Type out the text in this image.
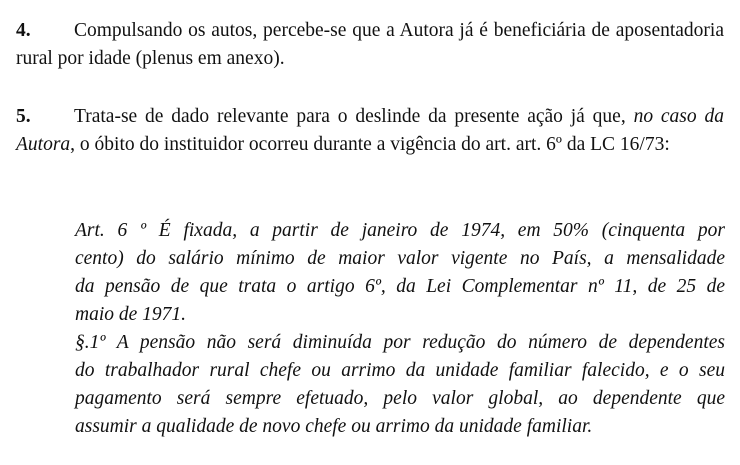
4. Compulsando os autos, percebe-se que a Autora já é beneficiária de aposentadoria rural por idade (plenus em anexo).
5. Trata-se de dado relevante para o deslinde da presente ação já que, no caso da Autora, o óbito do instituidor ocorreu durante a vigência do art. art. 6º da LC 16/73:
Art. 6 º É fixada, a partir de janeiro de 1974, em 50% (cinquenta por
cento) do salário mínimo de maior valor vigente no País, a mensalidade
da pensão de que trata o artigo 6º, da Lei Complementar nº 11, de 25 de
maio de 1971.
§.1º A pensão não será diminuída por redução do número de dependentes
do trabalhador rural chefe ou arrimo da unidade familiar falecido, e o seu
pagamento será sempre efetuado, pelo valor global, ao dependente que
assumir a qualidade de novo chefe ou arrimo da unidade familiar.
